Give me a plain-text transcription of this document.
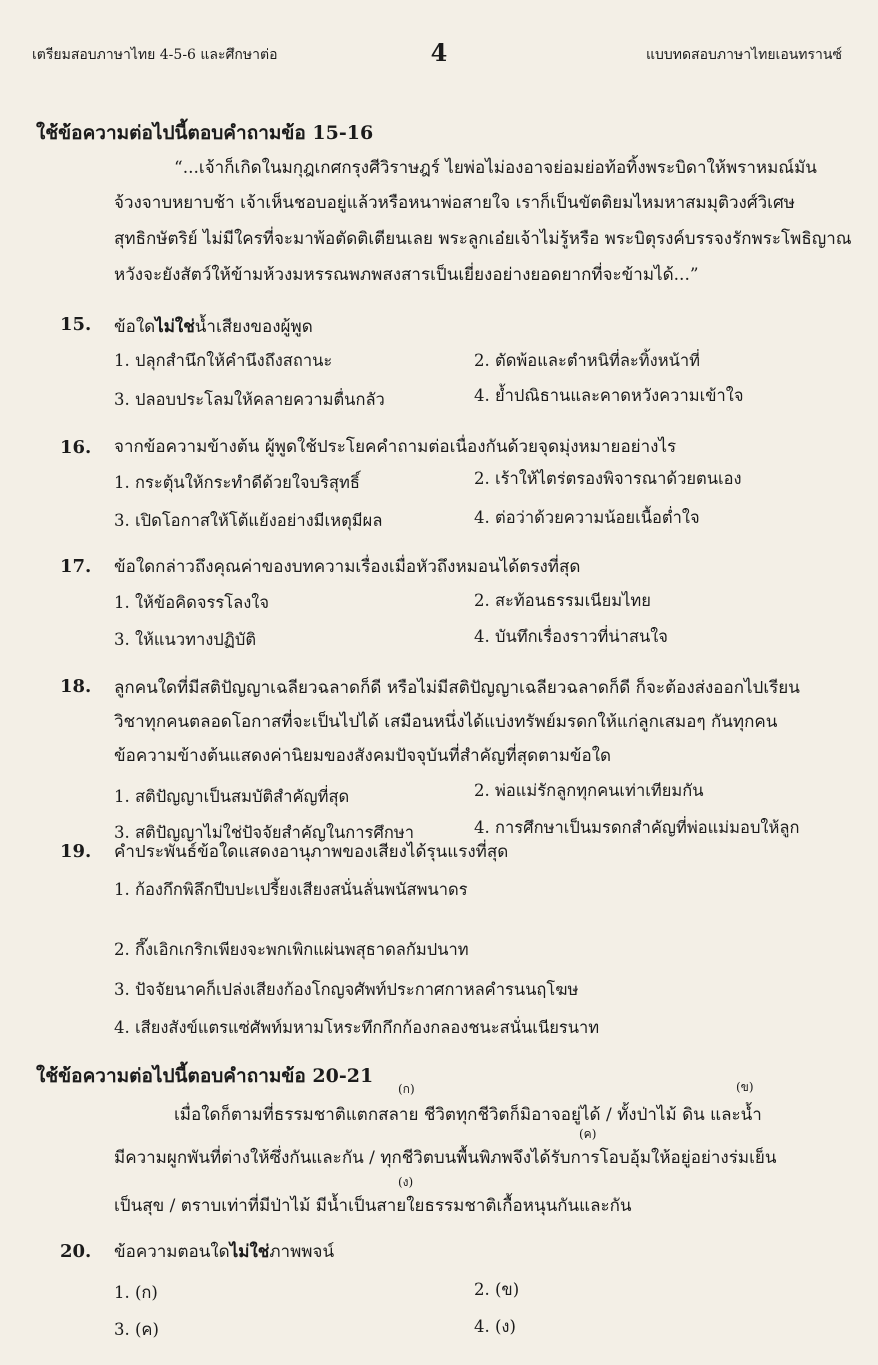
เตรียมสอบภาษาไทย 4-5-6 และศึกษาต่อ	4	แบบทดสอบภาษาไทยเอนทรานซ์
ใช้ข้อความต่อไปนี้ตอบคำถามข้อ 15-16
“...เจ้าก็เกิดในมกุฎเกศกรุงศีวิราษฎร์ ไยพ่อไม่องอาจย่อมย่อท้อทิ้งพระบิดาให้พราหมณ์มัน
จ้วงจาบหยาบช้า เจ้าเห็นชอบอยู่แล้วหรือหนาพ่อสายใจ เราก็เป็นขัตติยมไหมหาสมมุติวงศ์วิเศษ
สุทธิกษัตริย์ ไม่มีใครที่จะมาพ้อตัดติเตียนเลย พระลูกเอ๋ยเจ้าไม่รู้หรือ พระบิตุรงค์บรรจงรักพระโพธิญาณ
หวังจะยังสัตว์ให้ข้ามห้วงมหรรณพภพสงสารเป็นเยี่ยงอย่างยอดยากที่จะข้ามได้...”
15. ข้อใดไม่ใช่น้ำเสียงของผู้พูด
1. ปลุกสำนึกให้คำนึงถึงสถานะ	2. ตัดพ้อและตำหนิที่ละทิ้งหน้าที่
3. ปลอบประโลมให้คลายความตื่นกลัว	4. ย้ำปณิธานและคาดหวังความเข้าใจ
16. จากข้อความข้างต้น ผู้พูดใช้ประโยคคำถามต่อเนื่องกันด้วยจุดมุ่งหมายอย่างไร
1. กระตุ้นให้กระทำดีด้วยใจบริสุทธิ์	2. เร้าให้ไตร่ตรองพิจารณาด้วยตนเอง
3. เปิดโอกาสให้โต้แย้งอย่างมีเหตุมีผล	4. ต่อว่าด้วยความน้อยเนื้อต่ำใจ
17. ข้อใดกล่าวถึงคุณค่าของบทความเรื่องเมื่อหัวถึงหมอนได้ตรงที่สุด
1. ให้ข้อคิดจรรโลงใจ	2. สะท้อนธรรมเนียมไทย
3. ให้แนวทางปฏิบัติ	4. บันทึกเรื่องราวที่น่าสนใจ
18. ลูกคนใดที่มีสติปัญญาเฉลียวฉลาดก็ดี หรือไม่มีสติปัญญาเฉลียวฉลาดก็ดี ก็จะต้องส่งออกไปเรียน
วิชาทุกคนตลอดโอกาสที่จะเป็นไปได้ เสมือนหนึ่งได้แบ่งทรัพย์มรดกให้แก่ลูกเสมอๆ กันทุกคน
ข้อความข้างต้นแสดงค่านิยมของสังคมปัจจุบันที่สำคัญที่สุดตามข้อใด
1. สติปัญญาเป็นสมบัติสำคัญที่สุด	2. พ่อแม่รักลูกทุกคนเท่าเทียมกัน
3. สติปัญญาไม่ใช่ปัจจัยสำคัญในการศึกษา	4. การศึกษาเป็นมรดกสำคัญที่พ่อแม่มอบให้ลูก
19. คำประพันธ์ข้อใดแสดงอานุภาพของเสียงได้รุนแรงที่สุด
1. ก้องกึกพิลึกปีบปะเปรี้ยงเสียงสนั่นลั่นพนัสพนาดร
2. กึ๊งเอิกเกริกเพียงจะพกเพิกแผ่นพสุธาดลกัมปนาท
3. ปัจจัยนาคก็เปล่งเสียงก้องโกญจศัพท์ประกาศกาหลคำรนนฤโฆษ
4. เสียงสังข์แตรแซ่ศัพท์มหามโหระทึกกึกก้องกลองชนะสนั่นเนียรนาท
ใช้ข้อความต่อไปนี้ตอบคำถามข้อ 20-21
(ก)	(ข)
เมื่อใดก็ตามที่ธรรมชาติแตกสลาย ชีวิตทุกชีวิตก็มิอาจอยู่ได้ / ทั้งป่าไม้ ดิน และน้ำ
(ค)
มีความผูกพันที่ต่างให้ซึ่งกันและกัน / ทุกชีวิตบนพื้นพิภพจึงได้รับการโอบอุ้มให้อยู่อย่างร่มเย็น
(ง)
เป็นสุข / ตราบเท่าที่มีป่าไม้ มีน้ำเป็นสายใยธรรมชาติเกื้อหนุนกันและกัน
20. ข้อความตอนใดไม่ใช่ภาพพจน์
1. (ก)	2. (ข)
3. (ค)	4. (ง)
